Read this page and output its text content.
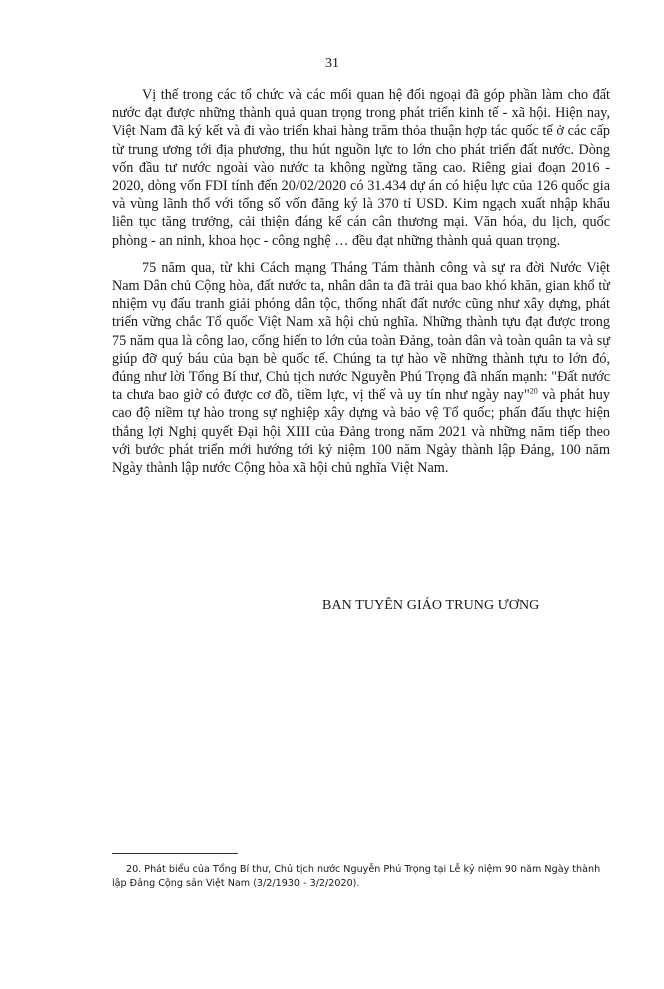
31

Vị thế trong các tổ chức và các mối quan hệ đối ngoại đã góp phần làm cho đất nước đạt được những thành quả quan trọng trong phát triển kinh tế - xã hội. Hiện nay, Việt Nam đã ký kết và đi vào triển khai hàng trăm thỏa thuận hợp tác quốc tế ở các cấp từ trung ương tới địa phương, thu hút nguồn lực to lớn cho phát triển đất nước. Dòng vốn đầu tư nước ngoài vào nước ta không ngừng tăng cao. Riêng giai đoạn 2016 - 2020, dòng vốn FDI tính đến 20/02/2020 có 31.434 dự án có hiệu lực của 126 quốc gia và vùng lãnh thổ với tổng số vốn đăng ký là 370 tỉ USD. Kim ngạch xuất nhập khẩu liên tục tăng trưởng, cải thiện đáng kể cán cân thương mại. Văn hóa, du lịch, quốc phòng - an ninh, khoa học - công nghệ … đều đạt những thành quả quan trọng.

75 năm qua, từ khi Cách mạng Tháng Tám thành công và sự ra đời Nước Việt Nam Dân chủ Cộng hòa, đất nước ta, nhân dân ta đã trải qua bao khó khăn, gian khổ từ nhiệm vụ đấu tranh giải phóng dân tộc, thống nhất đất nước cũng như xây dựng, phát triển vững chắc Tổ quốc Việt Nam xã hội chủ nghĩa. Những thành tựu đạt được trong 75 năm qua là công lao, cống hiến to lớn của toàn Đảng, toàn dân và toàn quân ta và sự giúp đỡ quý báu của bạn bè quốc tế. Chúng ta tự hào về những thành tựu to lớn đó, đúng như lời Tổng Bí thư, Chủ tịch nước Nguyễn Phú Trọng đã nhấn mạnh: "Đất nước ta chưa bao giờ có được cơ đồ, tiềm lực, vị thế và uy tín như ngày nay"$^{20}$ và phát huy cao độ niềm tự hào trong sự nghiệp xây dựng và bảo vệ Tổ quốc; phấn đấu thực hiện thắng lợi Nghị quyết Đại hội XIII của Đảng trong năm 2021 và những năm tiếp theo với bước phát triển mới hướng tới kỷ niệm 100 năm Ngày thành lập Đảng, 100 năm Ngày thành lập nước Cộng hòa xã hội chủ nghĩa Việt Nam.

BAN TUYÊN GIÁO TRUNG ƯƠNG
20. Phát biểu của Tổng Bí thư, Chủ tịch nước Nguyễn Phú Trọng tại Lễ kỷ niệm 90 năm Ngày thành lập Đảng Cộng sản Việt Nam (3/2/1930 - 3/2/2020).
